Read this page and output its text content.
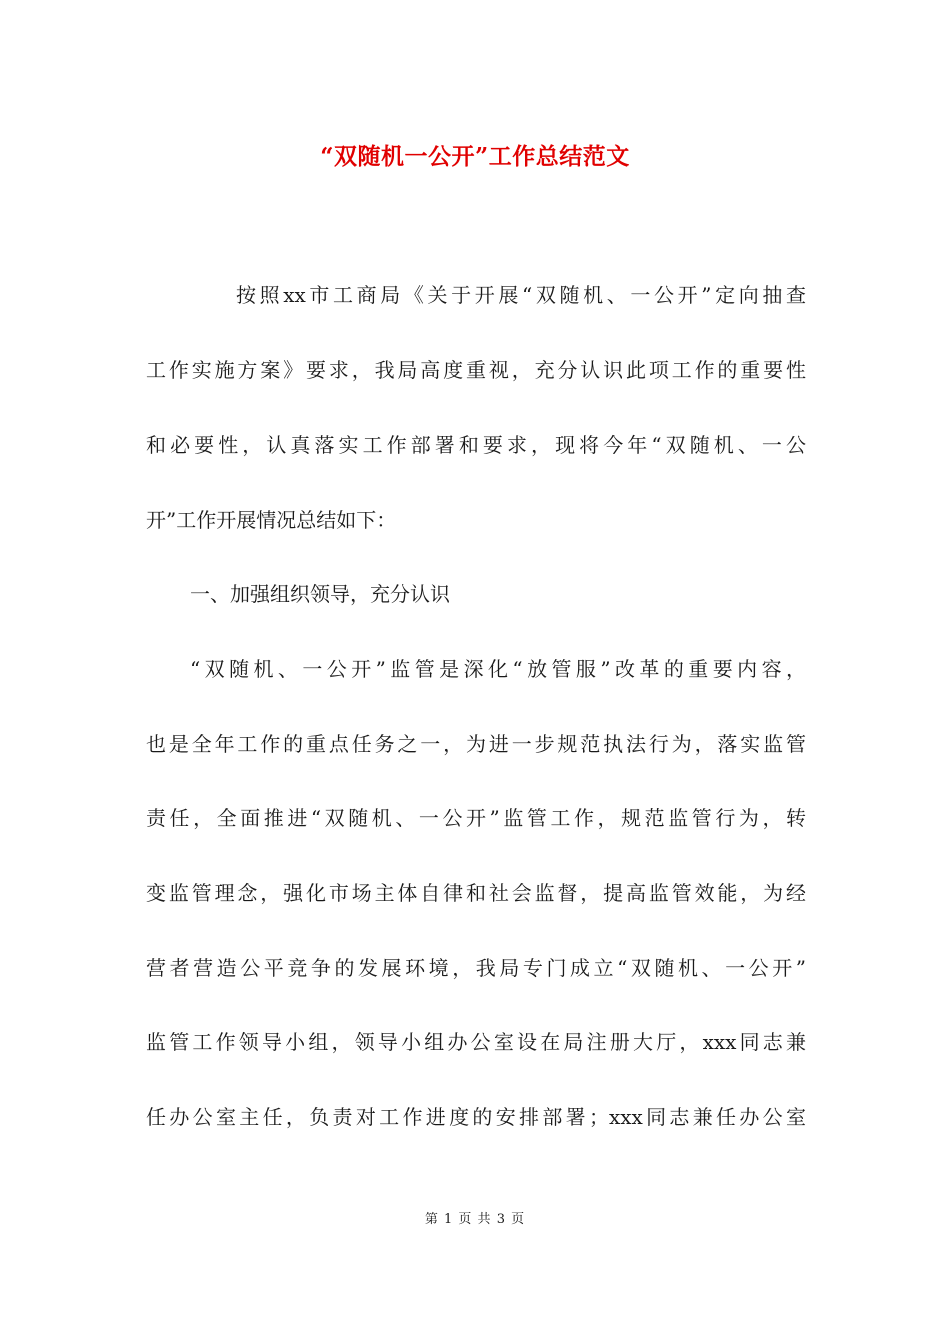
“双随机一公开”工作总结范文
按照xx市工商局《关于开展“双随机、一公开”定向抽查
工作实施方案》要求，我局高度重视，充分认识此项工作的重要性
和必要性，认真落实工作部署和要求，现将今年“双随机、一公
开”工作开展情况总结如下：
一、加强组织领导，充分认识
“双随机、一公开”监管是深化“放管服”改革的重要内容，
也是全年工作的重点任务之一，为进一步规范执法行为，落实监管
责任，全面推进“双随机、一公开”监管工作，规范监管行为，转
变监管理念，强化市场主体自律和社会监督，提高监管效能，为经
营者营造公平竞争的发展环境，我局专门成立“双随机、一公开”
监管工作领导小组，领导小组办公室设在局注册大厅，xxx同志兼
任办公室主任，负责对工作进度的安排部署；xxx同志兼任办公室
第 1 页 共 3 页
